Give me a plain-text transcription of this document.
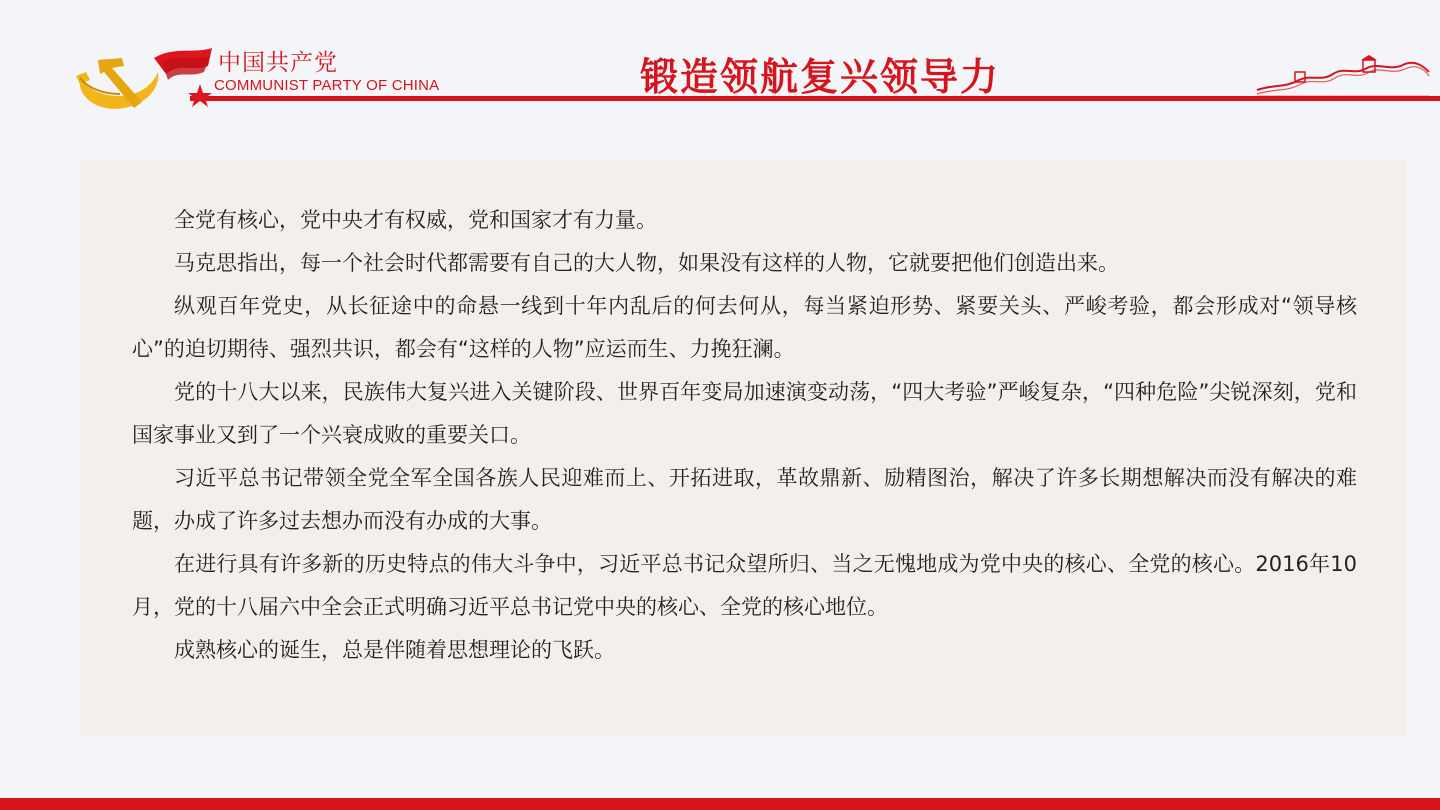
中国共产党
COMMUNIST PARTY OF CHINA	锻造领航复兴领导力

全党有核心，党中央才有权威，党和国家才有力量。

马克思指出，每一个社会时代都需要有自己的大人物，如果没有这样的人物，它就要把他们创造出来。

纵观百年党史，从长征途中的命悬一线到十年内乱后的何去何从，每当紧迫形势、紧要关头、严峻考验，都会形成对“领导核心”的迫切期待、强烈共识，都会有“这样的人物”应运而生、力挽狂澜。

党的十八大以来，民族伟大复兴进入关键阶段、世界百年变局加速演变动荡，“四大考验”严峻复杂，“四种危险”尖锐深刻，党和国家事业又到了一个兴衰成败的重要关口。

习近平总书记带领全党全军全国各族人民迎难而上、开拓进取，革故鼎新、励精图治，解决了许多长期想解决而没有解决的难题，办成了许多过去想办而没有办成的大事。

在进行具有许多新的历史特点的伟大斗争中，习近平总书记众望所归、当之无愧地成为党中央的核心、全党的核心。2016年10月，党的十八届六中全会正式明确习近平总书记党中央的核心、全党的核心地位。

成熟核心的诞生，总是伴随着思想理论的飞跃。
